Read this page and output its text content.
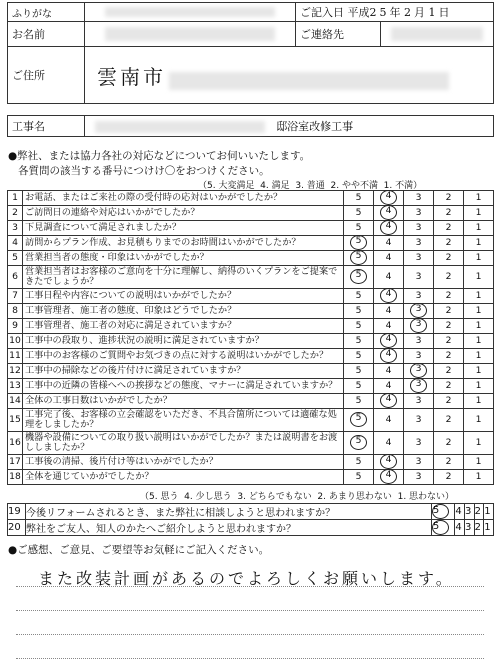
ふりがな		ご記入日 平成25年 2月 1日	
お名前		ご連絡先	

ご住所	雲南市		
工事名	邸浴室改修工事
●弊社、または協力各社の対応などについてお伺いいたします。
各質問の該当する番号につけけ〇をおつけください。
（5. 大変満足  4. 満足  3. 普通  2. やや不満  1. 不満）
1	お電話、またはご来社の際の受付時の応対はいかがでしたか？	5	4	3	2	1
2	ご訪問日の連絡や対応はいかがでしたか？	5	4	3	2	1
3	下見調査について満足されましたか？	5	4	3	2	1
4	訪問からプラン作成、お見積もりまでのお時間はいかがでしたか？	5	4	3	2	1
5	営業担当者の態度・印象はいかがでしたか？	5	4	3	2	1
6	営業担当者はお客様のご意向を十分に理解し、納得のいくプランをご提案できたでしょうか？	5	4	3	2	1
7	工事日程や内容についての説明はいかがでしたか？	5	4	3	2	1
8	工事管理者、施工者の態度、印象はどうでしたか？	5	4	3	2	1
9	工事管理者、施工者の対応に満足されていますか？	5	4	3	2	1
10	工事中の段取り、進捗状況の説明に満足されていますか？	5	4	3	2	1
11	工事中のお客様のご質問やお気づきの点に対する説明はいかがでしたか？	5	4	3	2	1
12	工事中の掃除などの後片付けに満足されていますか？	5	4	3	2	1
13	工事中の近隣の皆様へへの挨拶などの態度、マナーに満足されていますか？	5	4	3	2	1
14	全体の工事日数はいかがでしたか？	5	4	3	2	1
15	工事完了後、お客様の立会確認をいただき、不具合箇所については適確な処理をしましたか？	5	4	3	2	1
16	機器や設備についての取り扱い説明はいかがでしたか？または説明書をお渡ししましたか？	5	4	3	2	1
17	工事後の清掃、後片付け等はいかがでしたか？	5	4	3	2	1
18	全体を通じていかがでしたか？	5	4	3	2	1
（5. 思う  4. 少し思う  3. どちらでもない  2. あまり思わない  1. 思わない）
19	今後リフォームされるとき、また弊社に相談しようと思われますか？	5	4	3	2	1
20	弊社をご友人、知人のかたへご紹介しようと思われますか？	5	4	3	2	1
●ご感想、ご意見、ご要望等お気軽にご記入ください。
また改装計画があるのでよろしくお願いします。
